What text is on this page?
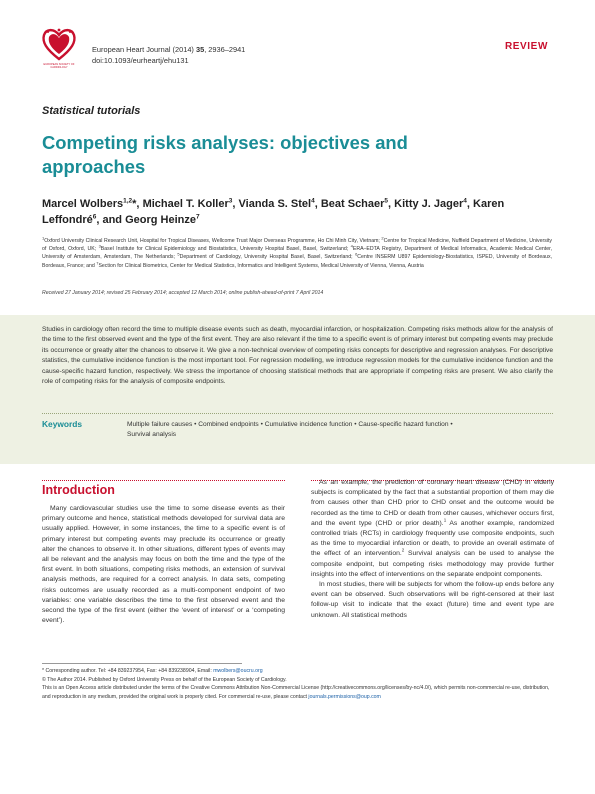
EUROPEAN SOCIETY OF CARDIOLOGY
European Heart Journal (2014) 35, 2936–2941
doi:10.1093/eurheartj/ehu131
REVIEW
Statistical tutorials
Competing risks analyses: objectives and approaches
Marcel Wolbers$^{1,2}$*, Michael T. Koller$^3$, Vianda S. Stel$^4$, Beat Schaer$^5$, Kitty J. Jager$^4$, Karen Leffondré$^6$, and Georg Heinze$^7$
$^1$Oxford University Clinical Research Unit, Hospital for Tropical Diseases, Wellcome Trust Major Overseas Programme, Ho Chi Minh City, Vietnam; $^2$Centre for Tropical Medicine, Nuffield Department of Medicine, University of Oxford, Oxford, UK; $^3$Basel Institute for Clinical Epidemiology and Biostatistics, University Hospital Basel, Basel, Switzerland; $^4$ERA–EDTA Registry, Department of Medical Informatics, Academic Medical Center, University of Amsterdam, Amsterdam, The Netherlands; $^5$Department of Cardiology, University Hospital Basel, Basel, Switzerland; $^6$Centre INSERM U897 Epidemiology-Biostatistics, ISPED, University of Bordeaux, Bordeaux, France; and $^7$Section for Clinical Biometrics, Center for Medical Statistics, Informatics and Intelligent Systems, Medical University of Vienna, Vienna, Austria
Received 27 January 2014; revised 25 February 2014; accepted 12 March 2014; online publish-ahead-of-print 7 April 2014

Studies in cardiology often record the time to multiple disease events such as death, myocardial infarction, or hospitalization. Competing risks methods allow for the analysis of the time to the first observed event and the type of the first event. They are also relevant if the time to a specific event is of primary interest but competing events may preclude its occurrence or greatly alter the chances to observe it. We give a non-technical overview of competing risks concepts for descriptive and regression analyses. For descriptive statistics, the cumulative incidence function is the most important tool. For regression modelling, we introduce regression models for the cumulative incidence function and the cause-specific hazard function, respectively. We stress the importance of choosing statistical methods that are appropriate if competing risks are present. We also clarify the role of competing risks for the analysis of composite endpoints.

Keywords	Multiple failure causes • Combined endpoints • Cumulative incidence function • Cause-specific hazard function •
Survival analysis
Introduction

Many cardiovascular studies use the time to some disease events as their primary outcome and hence, statistical methods developed for survival data are usually applied. However, in some instances, the time to a specific event is of primary interest but competing events may preclude its occurrence or greatly alter the chances to observe it. In other situations, different types of events may all be relevant and the analysis may focus on both the time and the type of the first event. In both situations, competing risks methods, an extension of survival analysis methods, are required for a correct analysis. In data sets, competing risks outcomes are usually recorded as a multi-component endpoint of two variables: one variable describes the time to the first observed event and the second the type of the first event (either the ‘event of interest’ or a ‘competing event’).

As an example, the prediction of coronary heart disease (CHD) in elderly subjects is complicated by the fact that a substantial proportion of them may die from causes other than CHD prior to CHD onset and the outcome would be recorded as the time to CHD or death from other causes, whichever occurs first, and the event type (CHD or prior death).$^1$ As another example, randomized controlled trials (RCTs) in cardiology frequently use composite endpoints, such as the time to myocardial infarction or death, to provide an overall estimate of the effect of an intervention.$^2$ Survival analysis can be used to analyse the composite endpoint, but competing risks methodology may provide further insights into the effect of interventions on the separate endpoint components.

In most studies, there will be subjects for whom the follow-up ends before any event can be observed. Such observations will be right-censored at their last follow-up visit to indicate that the exact (future) time and event type are unknown. All statistical methods

* Corresponding author. Tel: +84 839237954, Fax: +84 839238904, Email: mwolbers@oucru.org
© The Author 2014. Published by Oxford University Press on behalf of the European Society of Cardiology.
This is an Open Access article distributed under the terms of the Creative Commons Attribution Non-Commercial License (http://creativecommons.org/licenses/by-nc/4.0/), which permits non-commercial re-use, distribution, and reproduction in any medium, provided the original work is properly cited. For commercial re-use, please contact journals.permissions@oup.com
